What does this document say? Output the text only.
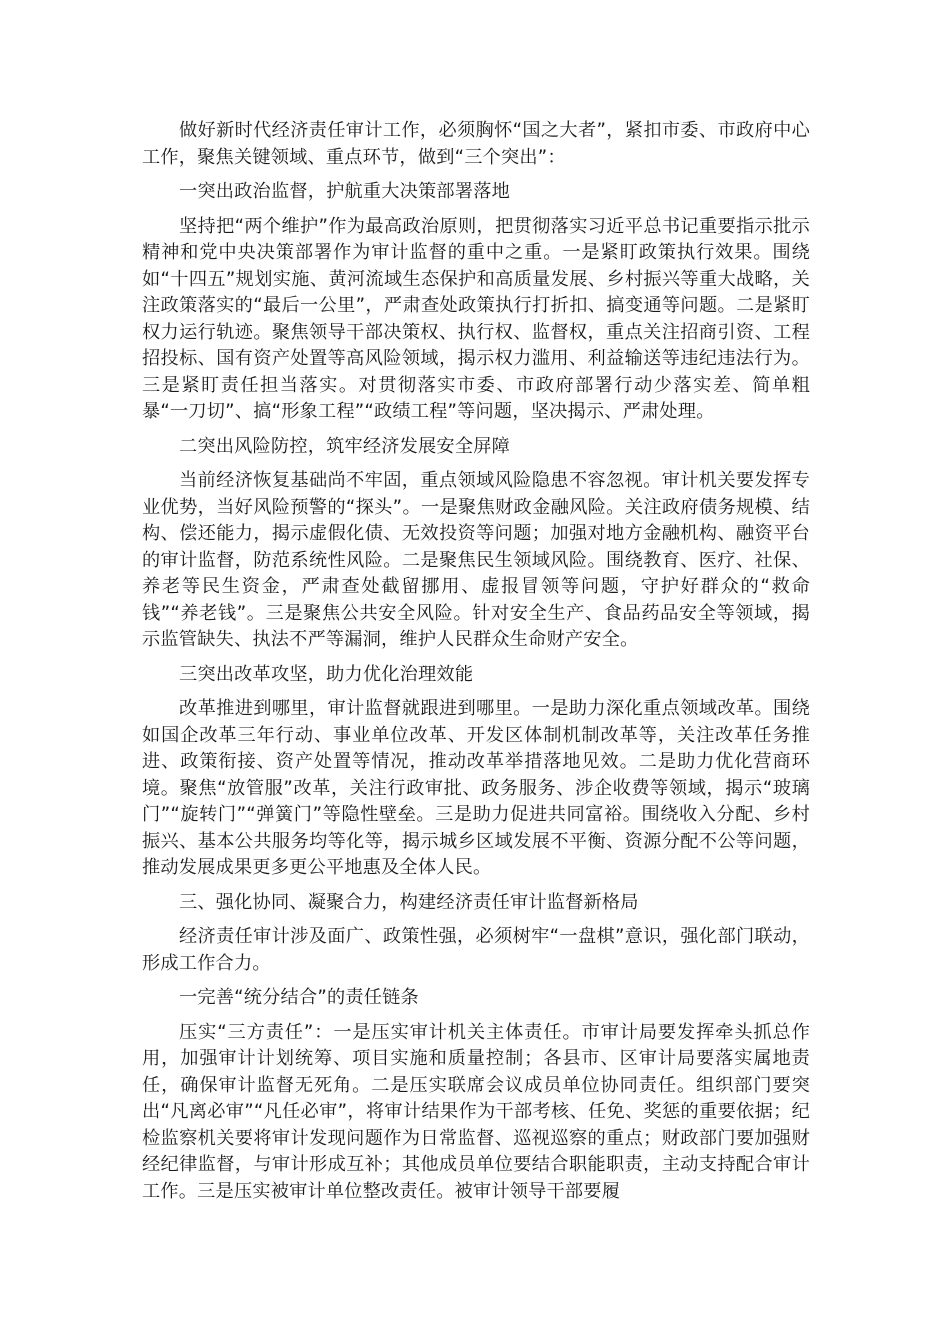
做好新时代经济责任审计工作，必须胸怀“国之大者”，紧扣市委、市政府中心工作，聚焦关键领域、重点环节，做到“三个突出”：

一突出政治监督，护航重大决策部署落地

坚持把“两个维护”作为最高政治原则，把贯彻落实习近平总书记重要指示批示精神和党中央决策部署作为审计监督的重中之重。一是紧盯政策执行效果。围绕如“十四五”规划实施、黄河流域生态保护和高质量发展、乡村振兴等重大战略，关注政策落实的“最后一公里”，严肃查处政策执行打折扣、搞变通等问题。二是紧盯权力运行轨迹。聚焦领导干部决策权、执行权、监督权，重点关注招商引资、工程招投标、国有资产处置等高风险领域，揭示权力滥用、利益输送等违纪违法行为。三是紧盯责任担当落实。对贯彻落实市委、市政府部署行动少落实差、简单粗暴“一刀切”、搞“形象工程”“政绩工程”等问题，坚决揭示、严肃处理。

二突出风险防控，筑牢经济发展安全屏障

当前经济恢复基础尚不牢固，重点领域风险隐患不容忽视。审计机关要发挥专业优势，当好风险预警的“探头”。一是聚焦财政金融风险。关注政府债务规模、结构、偿还能力，揭示虚假化债、无效投资等问题；加强对地方金融机构、融资平台的审计监督，防范系统性风险。二是聚焦民生领域风险。围绕教育、医疗、社保、养老等民生资金，严肃查处截留挪用、虚报冒领等问题，守护好群众的“救命钱”“养老钱”。三是聚焦公共安全风险。针对安全生产、食品药品安全等领域，揭示监管缺失、执法不严等漏洞，维护人民群众生命财产安全。

三突出改革攻坚，助力优化治理效能

改革推进到哪里，审计监督就跟进到哪里。一是助力深化重点领域改革。围绕如国企改革三年行动、事业单位改革、开发区体制机制改革等，关注改革任务推进、政策衔接、资产处置等情况，推动改革举措落地见效。二是助力优化营商环境。聚焦“放管服”改革，关注行政审批、政务服务、涉企收费等领域，揭示“玻璃门”“旋转门”“弹簧门”等隐性壁垒。三是助力促进共同富裕。围绕收入分配、乡村振兴、基本公共服务均等化等，揭示城乡区域发展不平衡、资源分配不公等问题，推动发展成果更多更公平地惠及全体人民。

三、强化协同、凝聚合力，构建经济责任审计监督新格局

经济责任审计涉及面广、政策性强，必须树牢“一盘棋”意识，强化部门联动，形成工作合力。

一完善“统分结合”的责任链条

压实“三方责任”：一是压实审计机关主体责任。市审计局要发挥牵头抓总作用，加强审计计划统筹、项目实施和质量控制；各县市、区审计局要落实属地责任，确保审计监督无死角。二是压实联席会议成员单位协同责任。组织部门要突出“凡离必审”“凡任必审”，将审计结果作为干部考核、任免、奖惩的重要依据；纪检监察机关要将审计发现问题作为日常监督、巡视巡察的重点；财政部门要加强财经纪律监督，与审计形成互补；其他成员单位要结合职能职责，主动支持配合审计工作。三是压实被审计单位整改责任。被审计领导干部要履
